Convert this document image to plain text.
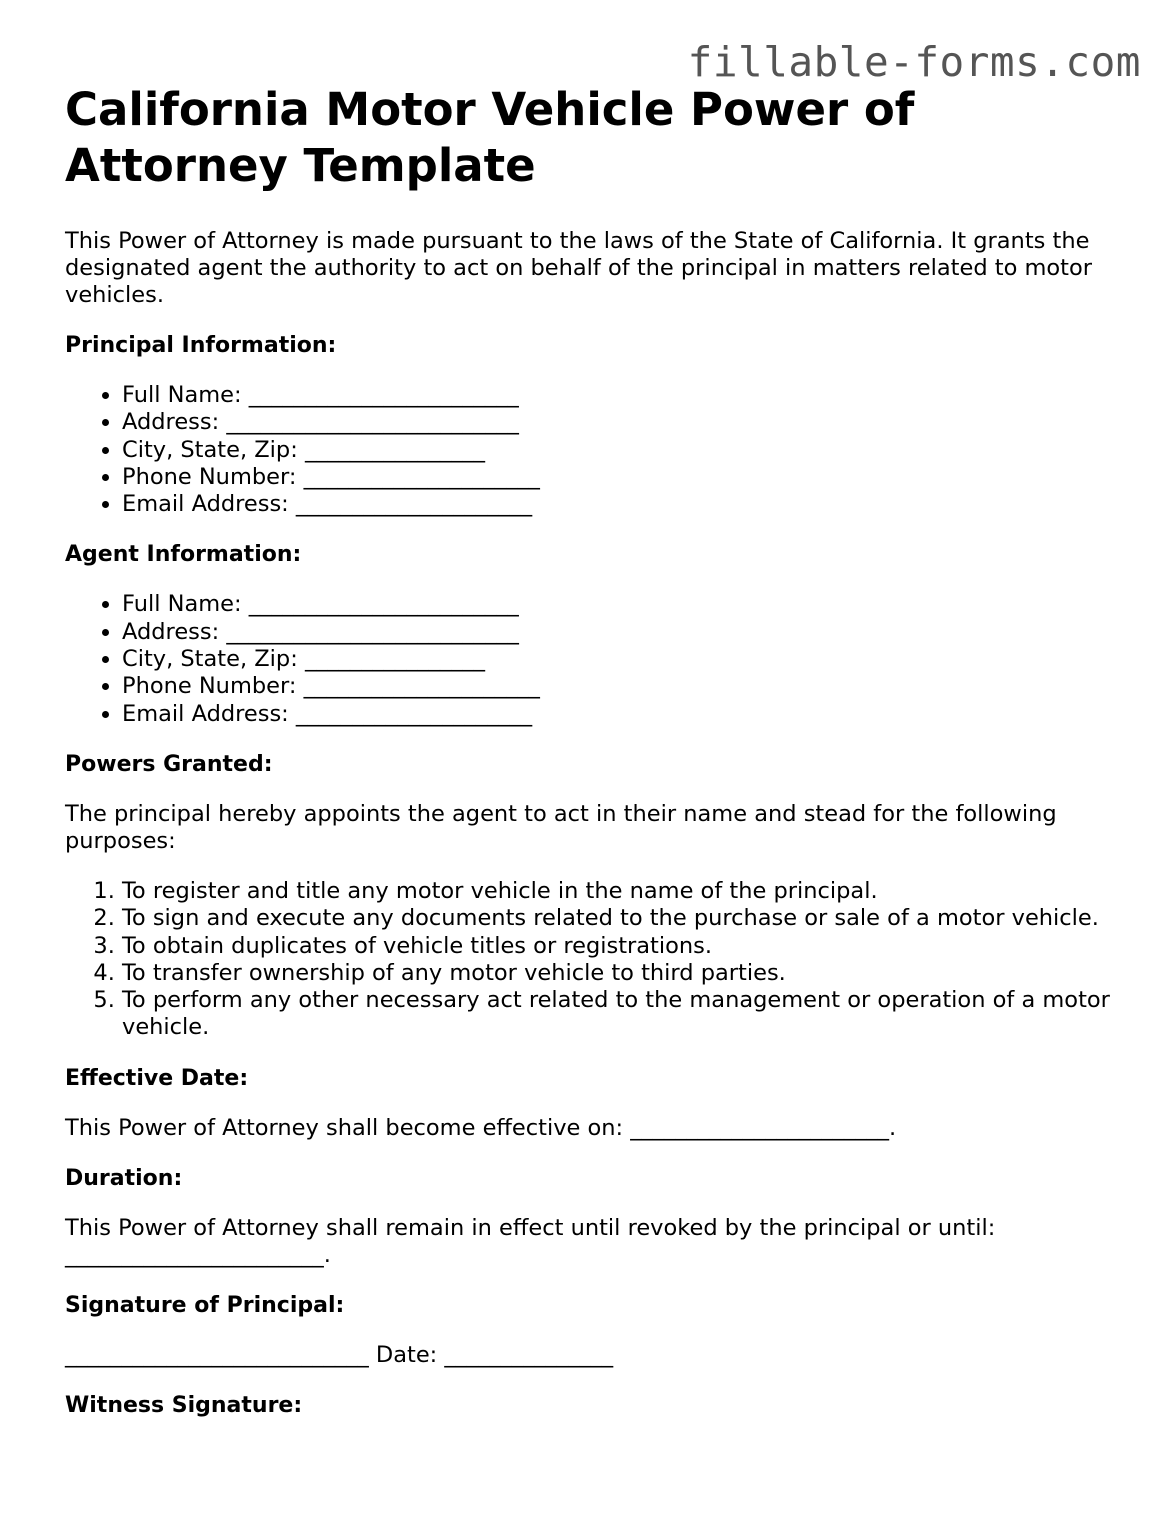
fillable-forms.com
California Motor Vehicle Power of Attorney Template

This Power of Attorney is made pursuant to the laws of the State of California. It grants the designated agent the authority to act on behalf of the principal in matters related to motor vehicles.

Principal Information:

• Full Name: ________________________
• Address: __________________________
• City, State, Zip: ________________
• Phone Number: _____________________
• Email Address: _____________________

Agent Information:

• Full Name: ________________________
• Address: __________________________
• City, State, Zip: ________________
• Phone Number: _____________________
• Email Address: _____________________

Powers Granted:

The principal hereby appoints the agent to act in their name and stead for the following purposes:

1. To register and title any motor vehicle in the name of the principal.
2. To sign and execute any documents related to the purchase or sale of a motor vehicle.
3. To obtain duplicates of vehicle titles or registrations.
4. To transfer ownership of any motor vehicle to third parties.
5. To perform any other necessary act related to the management or operation of a motor vehicle.

Effective Date:

This Power of Attorney shall become effective on: _______________________.

Duration:

This Power of Attorney shall remain in effect until revoked by the principal or until: _______________________.

Signature of Principal:

___________________________ Date: _______________

Witness Signature:
